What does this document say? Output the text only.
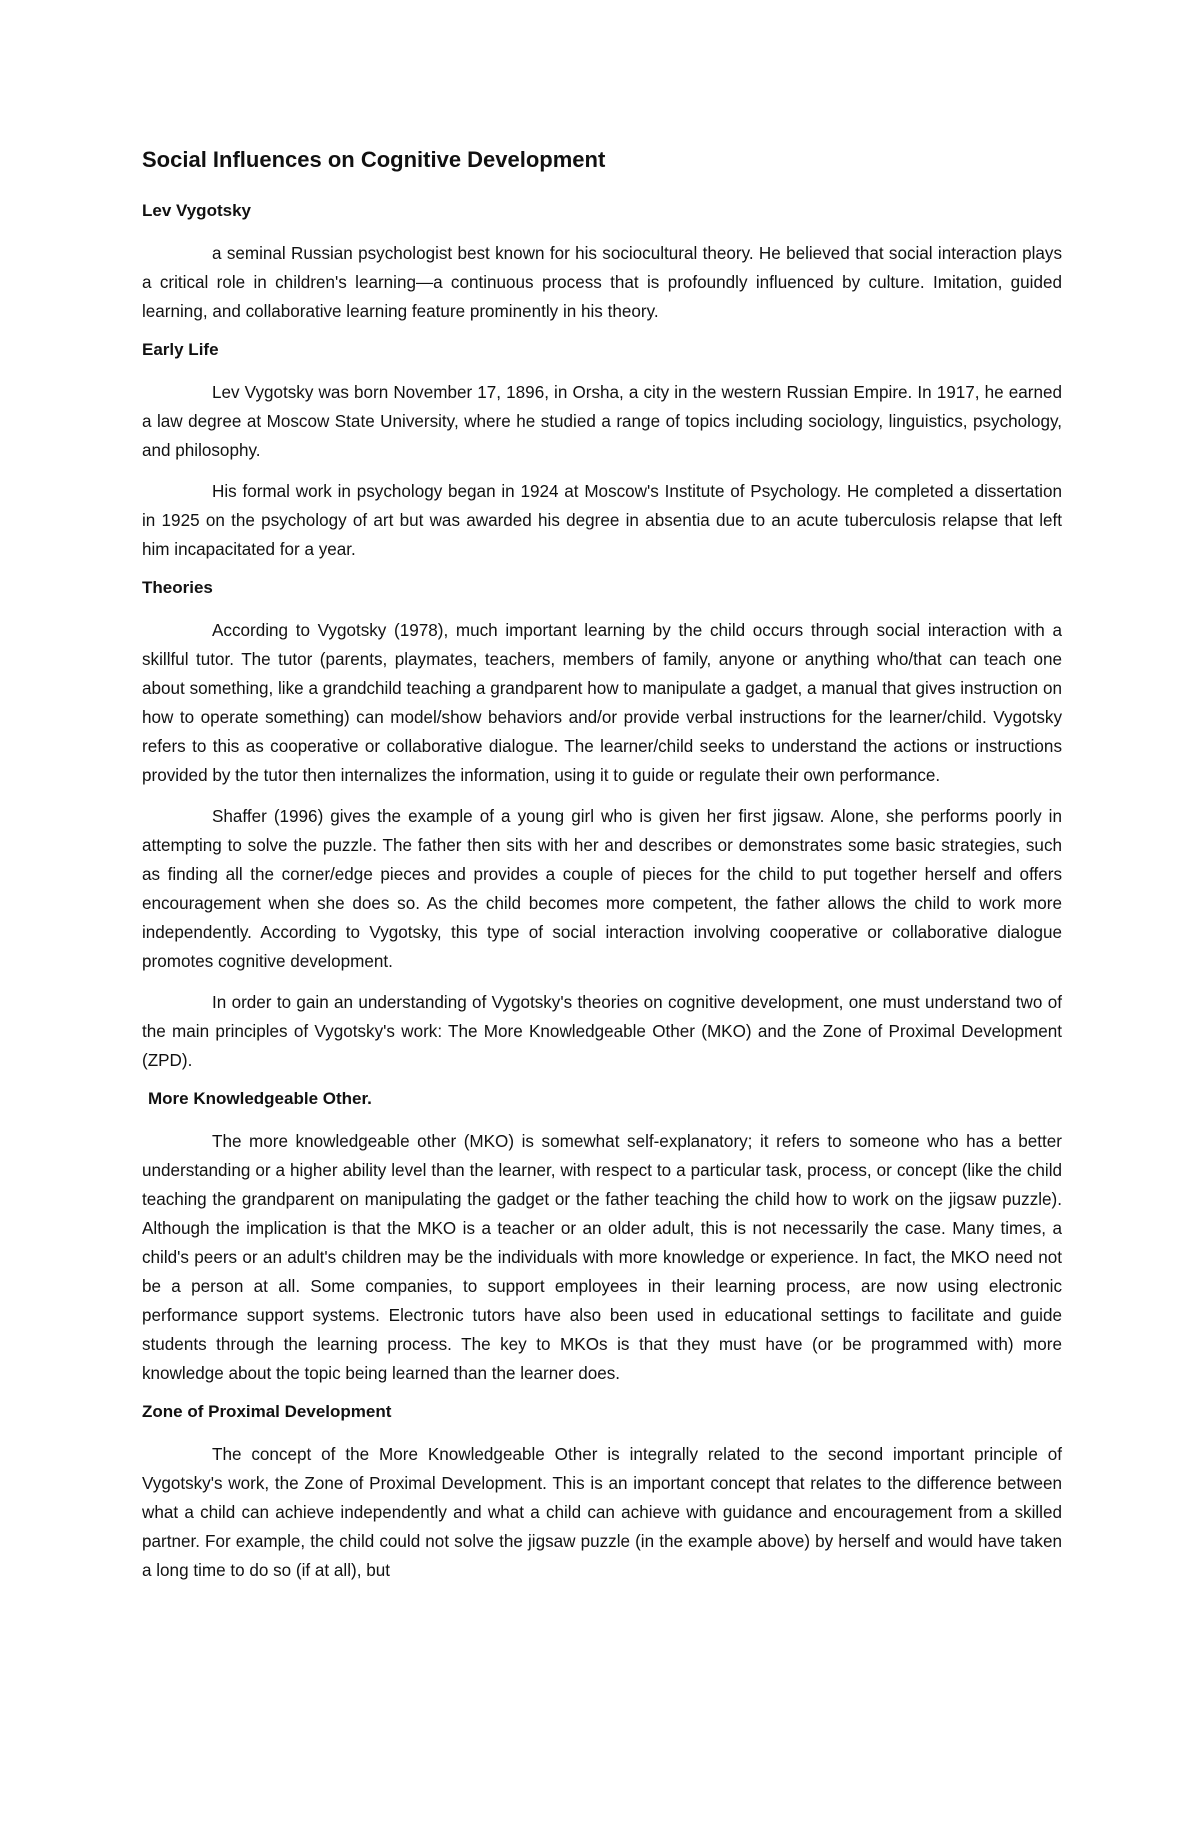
Social Influences on Cognitive Development
Lev Vygotsky

a seminal Russian psychologist best known for his sociocultural theory. He believed that social interaction plays a critical role in children's learning—a continuous process that is profoundly influenced by culture. Imitation, guided learning, and collaborative learning feature prominently in his theory.

Early Life

Lev Vygotsky was born November 17, 1896, in Orsha, a city in the western Russian Empire. In 1917, he earned a law degree at Moscow State University, where he studied a range of topics including sociology, linguistics, psychology, and philosophy.

His formal work in psychology began in 1924 at Moscow's Institute of Psychology. He completed a dissertation in 1925 on the psychology of art but was awarded his degree in absentia due to an acute tuberculosis relapse that left him incapacitated for a year.

Theories

According to Vygotsky (1978), much important learning by the child occurs through social interaction with a skillful tutor. The tutor (parents, playmates, teachers, members of family, anyone or anything who/that can teach one about something, like a grandchild teaching a grandparent how to manipulate a gadget, a manual that gives instruction on how to operate something) can model/show behaviors and/or provide verbal instructions for the learner/child. Vygotsky refers to this as cooperative or collaborative dialogue. The learner/child seeks to understand the actions or instructions provided by the tutor then internalizes the information, using it to guide or regulate their own performance.

Shaffer (1996) gives the example of a young girl who is given her first jigsaw. Alone, she performs poorly in attempting to solve the puzzle. The father then sits with her and describes or demonstrates some basic strategies, such as finding all the corner/edge pieces and provides a couple of pieces for the child to put together herself and offers encouragement when she does so. As the child becomes more competent, the father allows the child to work more independently. According to Vygotsky, this type of social interaction involving cooperative or collaborative dialogue promotes cognitive development.

In order to gain an understanding of Vygotsky's theories on cognitive development, one must understand two of the main principles of Vygotsky's work: The More Knowledgeable Other (MKO) and the Zone of Proximal Development (ZPD).

More Knowledgeable Other.

The more knowledgeable other (MKO) is somewhat self-explanatory; it refers to someone who has a better understanding or a higher ability level than the learner, with respect to a particular task, process, or concept (like the child teaching the grandparent on manipulating the gadget or the father teaching the child how to work on the jigsaw puzzle). Although the implication is that the MKO is a teacher or an older adult, this is not necessarily the case. Many times, a child's peers or an adult's children may be the individuals with more knowledge or experience. In fact, the MKO need not be a person at all. Some companies, to support employees in their learning process, are now using electronic performance support systems. Electronic tutors have also been used in educational settings to facilitate and guide students through the learning process. The key to MKOs is that they must have (or be programmed with) more knowledge about the topic being learned than the learner does.

Zone of Proximal Development

The concept of the More Knowledgeable Other is integrally related to the second important principle of Vygotsky's work, the Zone of Proximal Development. This is an important concept that relates to the difference between what a child can achieve independently and what a child can achieve with guidance and encouragement from a skilled partner. For example, the child could not solve the jigsaw puzzle (in the example above) by herself and would have taken a long time to do so (if at all), but
